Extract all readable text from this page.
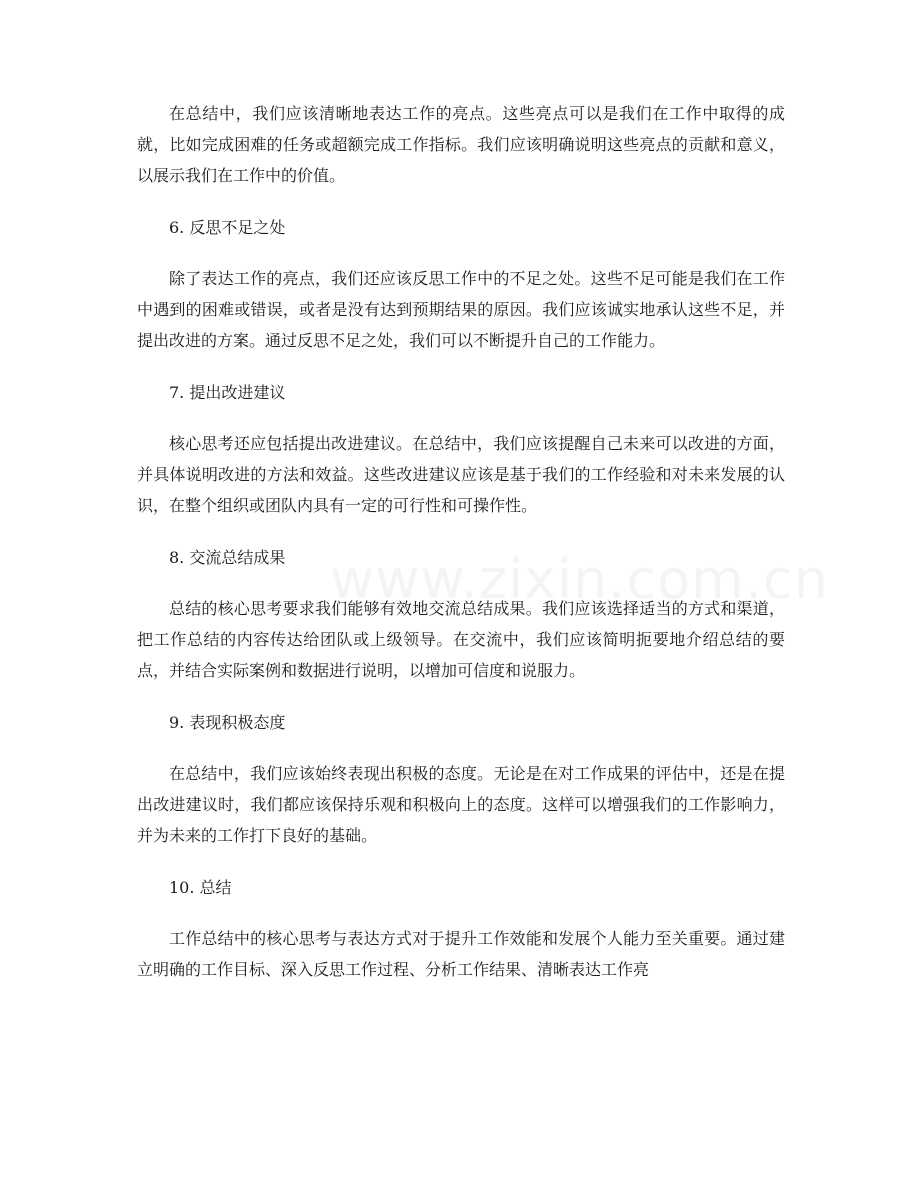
在总结中，我们应该清晰地表达工作的亮点。这些亮点可以是我们在工作中取得的成就，比如完成困难的任务或超额完成工作指标。我们应该明确说明这些亮点的贡献和意义，以展示我们在工作中的价值。

6. 反思不足之处

除了表达工作的亮点，我们还应该反思工作中的不足之处。这些不足可能是我们在工作中遇到的困难或错误，或者是没有达到预期结果的原因。我们应该诚实地承认这些不足，并提出改进的方案。通过反思不足之处，我们可以不断提升自己的工作能力。

7. 提出改进建议

核心思考还应包括提出改进建议。在总结中，我们应该提醒自己未来可以改进的方面，并具体说明改进的方法和效益。这些改进建议应该是基于我们的工作经验和对未来发展的认识，在整个组织或团队内具有一定的可行性和可操作性。

8. 交流总结成果

总结的核心思考要求我们能够有效地交流总结成果。我们应该选择适当的方式和渠道，把工作总结的内容传达给团队或上级领导。在交流中，我们应该简明扼要地介绍总结的要点，并结合实际案例和数据进行说明，以增加可信度和说服力。

9. 表现积极态度

在总结中，我们应该始终表现出积极的态度。无论是在对工作成果的评估中，还是在提出改进建议时，我们都应该保持乐观和积极向上的态度。这样可以增强我们的工作影响力，并为未来的工作打下良好的基础。

10. 总结

工作总结中的核心思考与表达方式对于提升工作效能和发展个人能力至关重要。通过建立明确的工作目标、深入反思工作过程、分析工作结果、清晰表达工作亮
